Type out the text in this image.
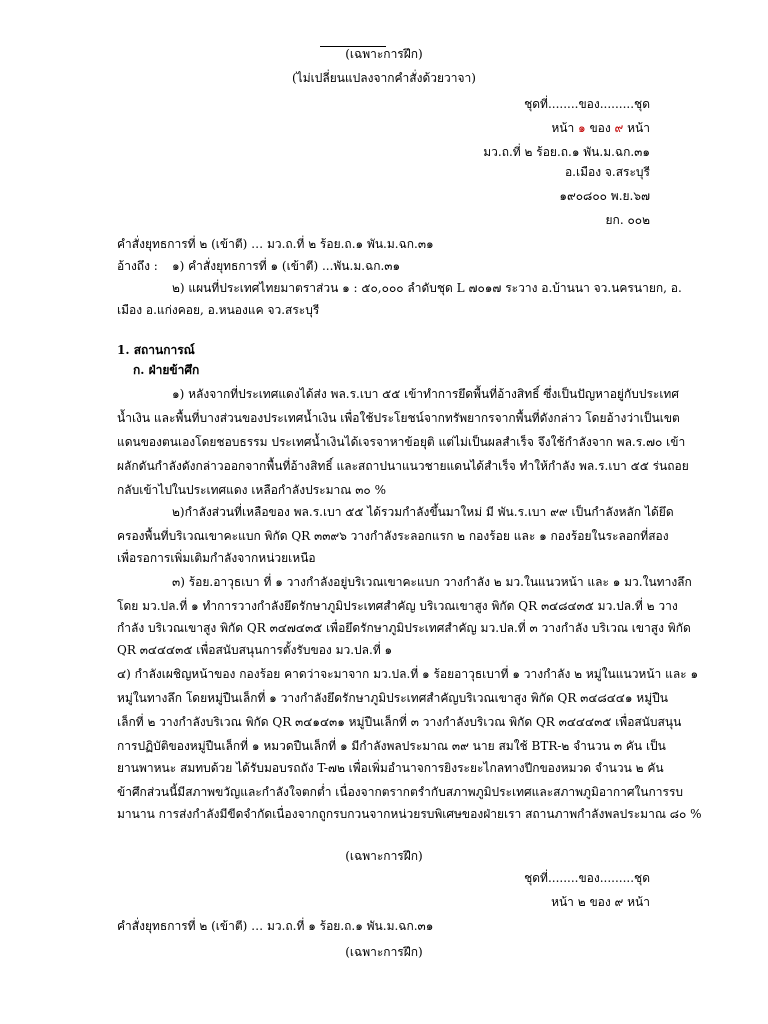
(เฉพาะการฝึก)
(ไม่เปลี่ยนแปลงจากคำสั่งด้วยวาจา)
ชุดที่........ของ.........ชุด
หน้า ๑ ของ ๙ หน้า
มว.ถ.ที่ ๒ ร้อย.ถ.๑ พัน.ม.ฉก.๓๑
อ.เมือง จ.สระบุรี
๑๙๐๘๐๐ พ.ย.๖๗
ยก. ๐๐๒
คำสั่งยุทธการที่ ๒ (เข้าตี) … มว.ถ.ที่ ๒ ร้อย.ถ.๑ พัน.ม.ฉก.๓๑
อ้างถึง : ๑) คำสั่งยุทธการที่ ๑ (เข้าตี) ...พัน.ม.ฉก.๓๑
๒) แผนที่ประเทศไทยมาตราส่วน ๑ : ๕๐,๐๐๐ ลำดับชุด L ๗๐๑๗ ระวาง อ.บ้านนา จว.นครนายก, อ.
เมือง อ.แก่งคอย, อ.หนองแค จว.สระบุรี
1. สถานการณ์
ก. ฝ่ายข้าศึก
๑) หลังจากที่ประเทศแดงได้ส่ง พล.ร.เบา ๕๕ เข้าทำการยึดพื้นที่อ้างสิทธิ์ ซึ่งเป็นปัญหาอยู่กับประเทศ
น้ำเงิน และพื้นที่บางส่วนของประเทศน้ำเงิน เพื่อใช้ประโยชน์จากทรัพยากรจากพื้นที่ดังกล่าว โดยอ้างว่าเป็นเขต
แดนของตนเองโดยชอบธรรม ประเทศน้ำเงินได้เจรจาหาข้อยุติ แต่ไม่เป็นผลสำเร็จ จึงใช้กำลังจาก พล.ร.๗๐ เข้า
ผลักดันกำลังดังกล่าวออกจากพื้นที่อ้างสิทธิ์ และสถาปนาแนวชายแดนได้สำเร็จ ทำให้กำลัง พล.ร.เบา ๕๕ ร่นถอย
กลับเข้าไปในประเทศแดง เหลือกำลังประมาณ ๓๐ %
๒)กำลังส่วนที่เหลือของ พล.ร.เบา ๕๕ ได้รวมกำลังขึ้นมาใหม่ มี พัน.ร.เบา ๙๙ เป็นกำลังหลัก ได้ยึด
ครองพื้นที่บริเวณเขาคะแบก พิกัด QR ๓๓๙๖ วางกำลังระลอกแรก ๒ กองร้อย และ ๑ กองร้อยในระลอกที่สอง
เพื่อรอการเพิ่มเติมกำลังจากหน่วยเหนือ
๓) ร้อย.อาวุธเบา ที่ ๑ วางกำลังอยู่บริเวณเขาคะแบก วางกำลัง ๒ มว.ในแนวหน้า และ ๑ มว.ในทางลึก
โดย มว.ปล.ที่ ๑ ทำการวางกำลังยึดรักษาภูมิประเทศสำคัญ บริเวณเขาสูง พิกัด QR ๓๔๘๔๓๕ มว.ปล.ที่ ๒ วาง
กำลัง บริเวณเขาสูง พิกัด QR ๓๔๗๔๓๕ เพื่อยึดรักษาภูมิประเทศสำคัญ มว.ปล.ที่ ๓ วางกำลัง บริเวณ เขาสูง พิกัด
QR ๓๔๔๔๓๕ เพื่อสนับสนุนการตั้งรับของ มว.ปล.ที่ ๑
๔) กำลังเผชิญหน้าของ กองร้อย คาดว่าจะมาจาก มว.ปล.ที่ ๑ ร้อยอาวุธเบาที่ ๑ วางกำลัง ๒ หมู่ในแนวหน้า และ ๑
หมู่ในทางลึก โดยหมู่ปืนเล็กที่ ๑ วางกำลังยึดรักษาภูมิประเทศสำคัญบริเวณเขาสูง พิกัด QR ๓๔๘๔๔๑ หมู่ปืน
เล็กที่ ๒ วางกำลังบริเวณ พิกัด QR ๓๔๑๔๓๑ หมู่ปืนเล็กที่ ๓ วางกำลังบริเวณ พิกัด QR ๓๔๔๔๓๕ เพื่อสนับสนุน
การปฏิบัติของหมู่ปืนเล็กที่ ๑ หมวดปืนเล็กที่ ๑ มีกำลังพลประมาณ ๓๙ นาย สมใช้ BTR-๒ จำนวน ๓ คัน เป็น
ยานพาหนะ สมทบด้วย ได้รับมอบรถถัง T-๗๒ เพื่อเพิ่มอำนาจการยิงระยะไกลทางปีกของหมวด จำนวน ๒ คัน
ข้าศึกส่วนนี้มีสภาพขวัญและกำลังใจตกต่ำ เนื่องจากตรากตรำกับสภาพภูมิประเทศและสภาพภูมิอากาศในการรบ
มานาน การส่งกำลังมีขีดจำกัดเนื่องจากถูกรบกวนจากหน่วยรบพิเศษของฝ่ายเรา สถานภาพกำลังพลประมาณ ๘๐ %
(เฉพาะการฝึก)
ชุดที่........ของ.........ชุด
หน้า ๒ ของ ๙ หน้า
คำสั่งยุทธการที่ ๒ (เข้าตี) … มว.ถ.ที่ ๑ ร้อย.ถ.๑ พัน.ม.ฉก.๓๑
(เฉพาะการฝึก)
